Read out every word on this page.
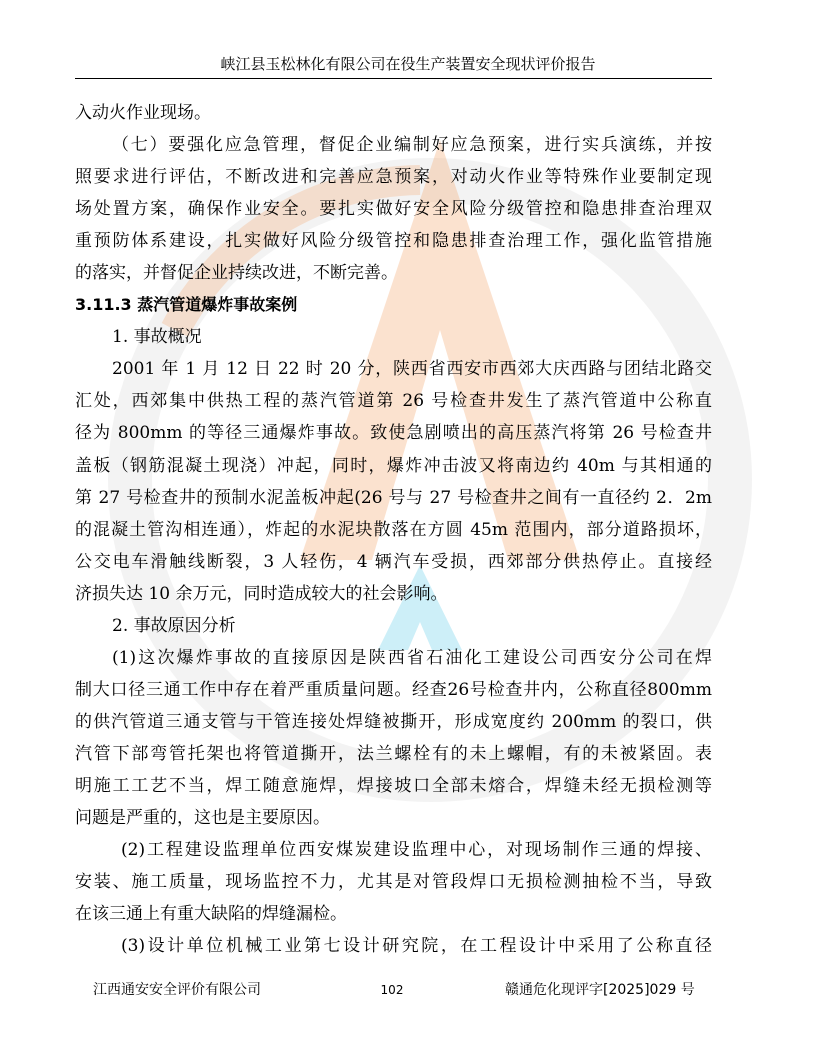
峡江县玉松林化有限公司在役生产装置安全现状评价报告
入动火作业现场。
（七）要强化应急管理，督促企业编制好应急预案，进行实兵演练，并按
照要求进行评估，不断改进和完善应急预案，对动火作业等特殊作业要制定现
场处置方案，确保作业安全。要扎实做好安全风险分级管控和隐患排查治理双
重预防体系建设，扎实做好风险分级管控和隐患排查治理工作，强化监管措施
的落实，并督促企业持续改进，不断完善。
3.11.3 蒸汽管道爆炸事故案例
1. 事故概况
2001 年 1 月 12 日 22 时 20 分，陕西省西安市西郊大庆西路与团结北路交
汇处，西郊集中供热工程的蒸汽管道第 26 号检查井发生了蒸汽管道中公称直
径为 800mm 的等径三通爆炸事故。致使急剧喷出的高压蒸汽将第 26 号检查井
盖板（钢筋混凝土现浇）冲起，同时，爆炸冲击波又将南边约 40m 与其相通的
第 27 号检查井的预制水泥盖板冲起(26 号与 27 号检查井之间有一直径约 2．2m
的混凝土管沟相连通），炸起的水泥块散落在方圆 45m 范围内，部分道路损坏，
公交电车滑触线断裂，3 人轻伤，4 辆汽车受损，西郊部分供热停止。直接经
济损失达 10 余万元，同时造成较大的社会影响。
2. 事故原因分析
(1)这次爆炸事故的直接原因是陕西省石油化工建设公司西安分公司在焊
制大口径三通工作中存在着严重质量问题。经查26号检查井内，公称直径800mm
的供汽管道三通支管与干管连接处焊缝被撕开，形成宽度约 200mm 的裂口，供
汽管下部弯管托架也将管道撕开，法兰螺栓有的未上螺帽，有的未被紧固。表
明施工工艺不当，焊工随意施焊，焊接坡口全部未熔合，焊缝未经无损检测等
问题是严重的，这也是主要原因。
(2)工程建设监理单位西安煤炭建设监理中心，对现场制作三通的焊接、
安装、施工质量，现场监控不力，尤其是对管段焊口无损检测抽检不当，导致
在该三通上有重大缺陷的焊缝漏检。
(3)设计单位机械工业第七设计研究院，在工程设计中采用了公称直径
江西通安安全评价有限公司	102	赣通危化现评字[2025]029 号
